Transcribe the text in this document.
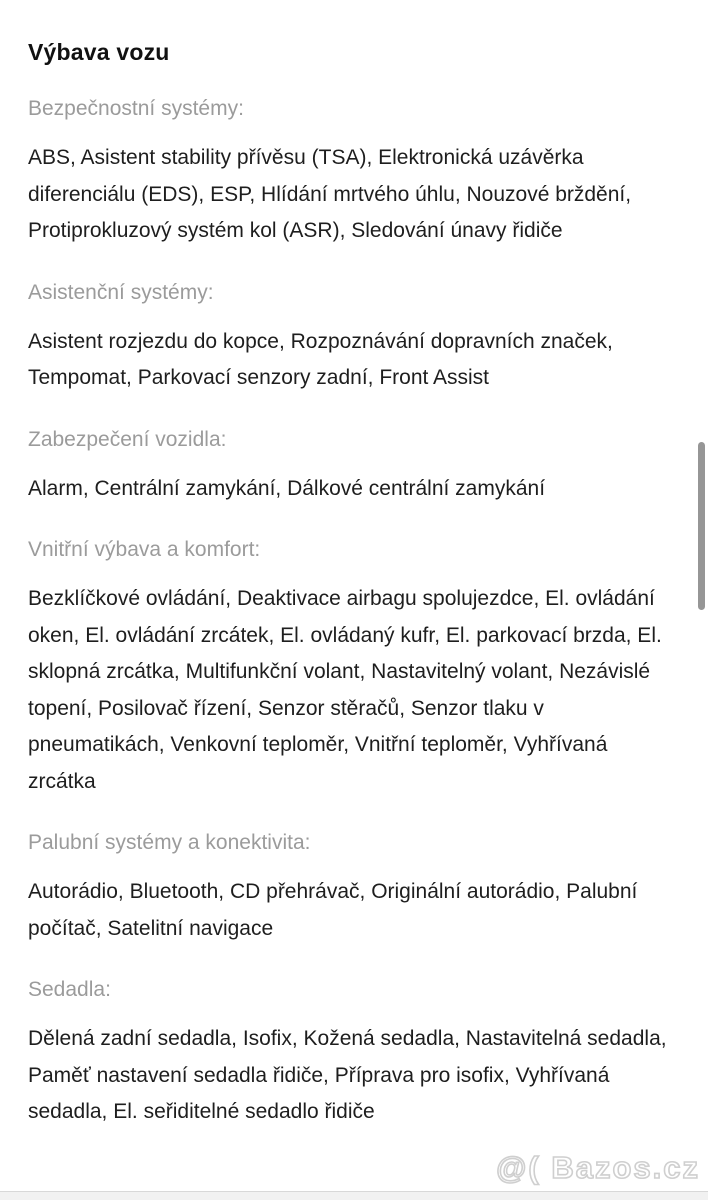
Výbava vozu
Bezpečnostní systémy:

ABS, Asistent stability přívěsu (TSA), Elektronická uzávěrka diferenciálu (EDS), ESP, Hlídání mrtvého úhlu, Nouzové brždění, Protiprokluzový systém kol (ASR), Sledování únavy řidiče

Asistenční systémy:

Asistent rozjezdu do kopce, Rozpoznávání dopravních značek, Tempomat, Parkovací senzory zadní, Front Assist

Zabezpečení vozidla:

Alarm, Centrální zamykání, Dálkové centrální zamykání

Vnitřní výbava a komfort:

Bezklíčkové ovládání, Deaktivace airbagu spolujezdce, El. ovládání oken, El. ovládání zrcátek, El. ovládaný kufr, El. parkovací brzda, El. sklopná zrcátka, Multifunkční volant, Nastavitelný volant, Nezávislé topení, Posilovač řízení, Senzor stěračů, Senzor tlaku v pneumatikách, Venkovní teploměr, Vnitřní teploměr, Vyhřívaná zrcátka

Palubní systémy a konektivita:

Autorádio, Bluetooth, CD přehrávač, Originální autorádio, Palubní počítač, Satelitní navigace

Sedadla:

Dělená zadní sedadla, Isofix, Kožená sedadla, Nastavitelná sedadla, Paměť nastavení sedadla řidiče, Příprava pro isofix, Vyhřívaná sedadla, El. seřiditelné sedadlo řidiče

@( Bazos.cz
